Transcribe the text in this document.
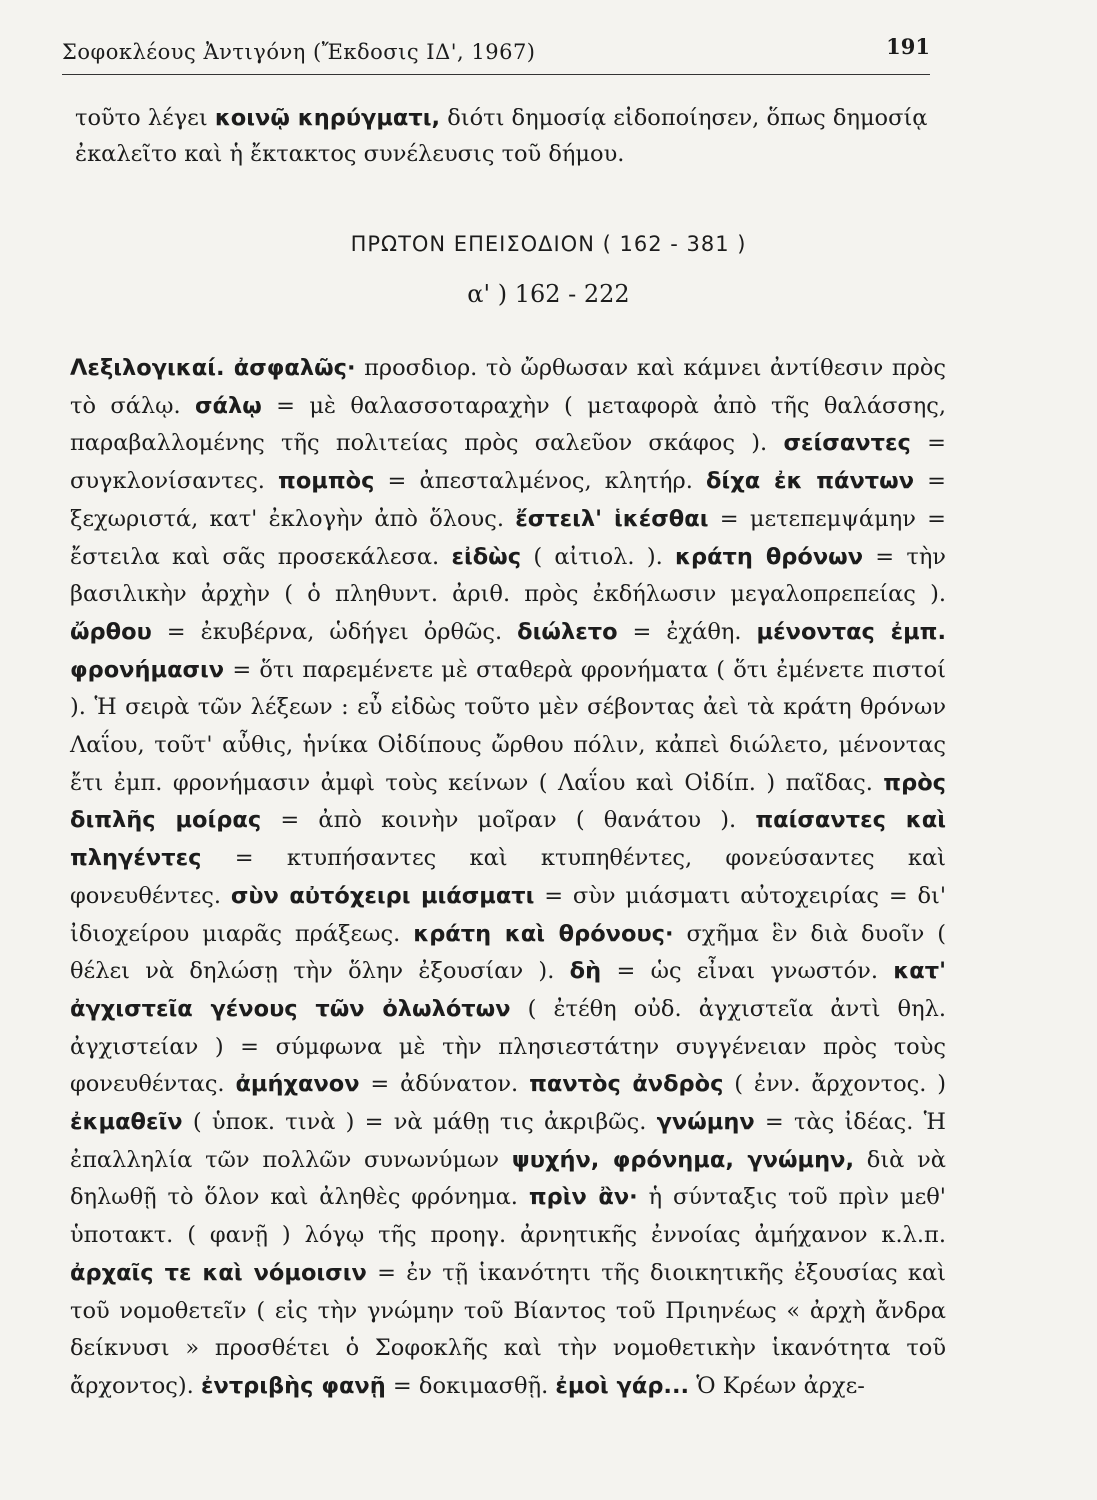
Σοφοκλέους Ἀντιγόνη (Ἔκδοσις ΙΔ', 1967)	191
τοῦτο λέγει κοινῷ κηρύγματι, διότι δημοσίᾳ εἰδοποίησεν, ὅπως δημοσίᾳ ἐκαλεῖτο καὶ ἡ ἔκτακτος συνέλευσις τοῦ δήμου.
ΠΡΩΤΟΝ ΕΠΕΙΣΟΔΙΟΝ ( 162 - 381 )
α' ) 162 - 222
Λεξιλογικαί. ἀσφαλῶς· προσδιορ. τὸ ὤρθωσαν καὶ κάμνει ἀντίθεσιν πρὸς τὸ σάλῳ. σάλῳ = μὲ θαλασσοταραχὴν ( μεταφορὰ ἀπὸ τῆς θαλάσσης, παραβαλλομένης τῆς πολιτείας πρὸς σαλεῦον σκάφος ). σείσαντες = συγκλονίσαντες. πομπὸς = ἀπεσταλμένος, κλητήρ. δίχα ἐκ πάντων = ξεχωριστά, κατ' ἐκλογὴν ἀπὸ ὅλους. ἔστειλ' ἱκέσθαι = μετεπεμψάμην = ἔστειλα καὶ σᾶς προσεκάλεσα. εἰδὼς ( αἰτιολ. ). κράτη θρόνων = τὴν βασιλικὴν ἀρχὴν ( ὁ πληθυντ. ἀριθ. πρὸς ἐκδήλωσιν μεγαλοπρεπείας ). ὤρθου = ἐκυβέρνα, ὡδήγει ὀρθῶς. διώλετο = ἐχάθη. μένοντας ἐμπ. φρονήμασιν = ὅτι παρεμένετε μὲ σταθερὰ φρονήματα ( ὅτι ἐμένετε πιστοί ). Ἡ σειρὰ τῶν λέξεων : εὖ εἰδὼς τοῦτο μὲν σέβοντας ἀεὶ τὰ κράτη θρόνων Λαΐου, τοῦτ' αὖθις, ἡνίκα Οἰδίπους ὤρθου πόλιν, κἀπεὶ διώλετο, μένοντας ἔτι ἐμπ. φρονήμασιν ἀμφὶ τοὺς κείνων ( Λαΐου καὶ Οἰδίπ. ) παῖδας. πρὸς διπλῆς μοίρας = ἀπὸ κοινὴν μοῖραν ( θανάτου ). παίσαντες καὶ πληγέντες = κτυπήσαντες καὶ κτυπηθέντες, φονεύσαντες καὶ φονευθέντες. σὺν αὐτόχειρι μιάσματι = σὺν μιάσματι αὐτοχειρίας = δι' ἰδιοχείρου μιαρᾶς πράξεως. κράτη καὶ θρόνους· σχῆμα ἓν διὰ δυοῖν ( θέλει νὰ δηλώσῃ τὴν ὅλην ἐξουσίαν ). δὴ = ὡς εἶναι γνωστόν. κατ' ἀγχιστεῖα γένους τῶν ὀλωλότων ( ἐτέθη οὐδ. ἀγχιστεῖα ἀντὶ θηλ. ἀγχιστείαν ) = σύμφωνα μὲ τὴν πλησιεστάτην συγγένειαν πρὸς τοὺς φονευθέντας. ἀμήχανον = ἀδύνατον. παντὸς ἀνδρὸς ( ἐνν. ἄρχοντος. ) ἐκμαθεῖν ( ὑποκ. τινὰ ) = νὰ μάθῃ τις ἀκριβῶς. γνώμην = τὰς ἰδέας. Ἡ ἐπαλληλία τῶν πολλῶν συνωνύμων ψυχήν, φρόνημα, γνώμην, διὰ νὰ δηλωθῇ τὸ ὅλον καὶ ἀληθὲς φρόνημα. πρὶν ἂν· ἡ σύνταξις τοῦ πρὶν μεθ' ὑποτακτ. ( φανῇ ) λόγῳ τῆς προηγ. ἀρνητικῆς ἐννοίας ἀμήχανον κ.λ.π. ἀρχαῖς τε καὶ νόμοισιν = ἐν τῇ ἱκανότητι τῆς διοικητικῆς ἐξουσίας καὶ τοῦ νομοθετεῖν ( εἰς τὴν γνώμην τοῦ Βίαντος τοῦ Πριηνέως « ἀρχὴ ἄνδρα δείκνυσι » προσθέτει ὁ Σοφοκλῆς καὶ τὴν νομοθετικὴν ἱκανότητα τοῦ ἄρχοντος). ἐντριβὴς φανῇ = δοκιμασθῇ. ἐμοὶ γάρ... Ὁ Κρέων ἀρχε-
